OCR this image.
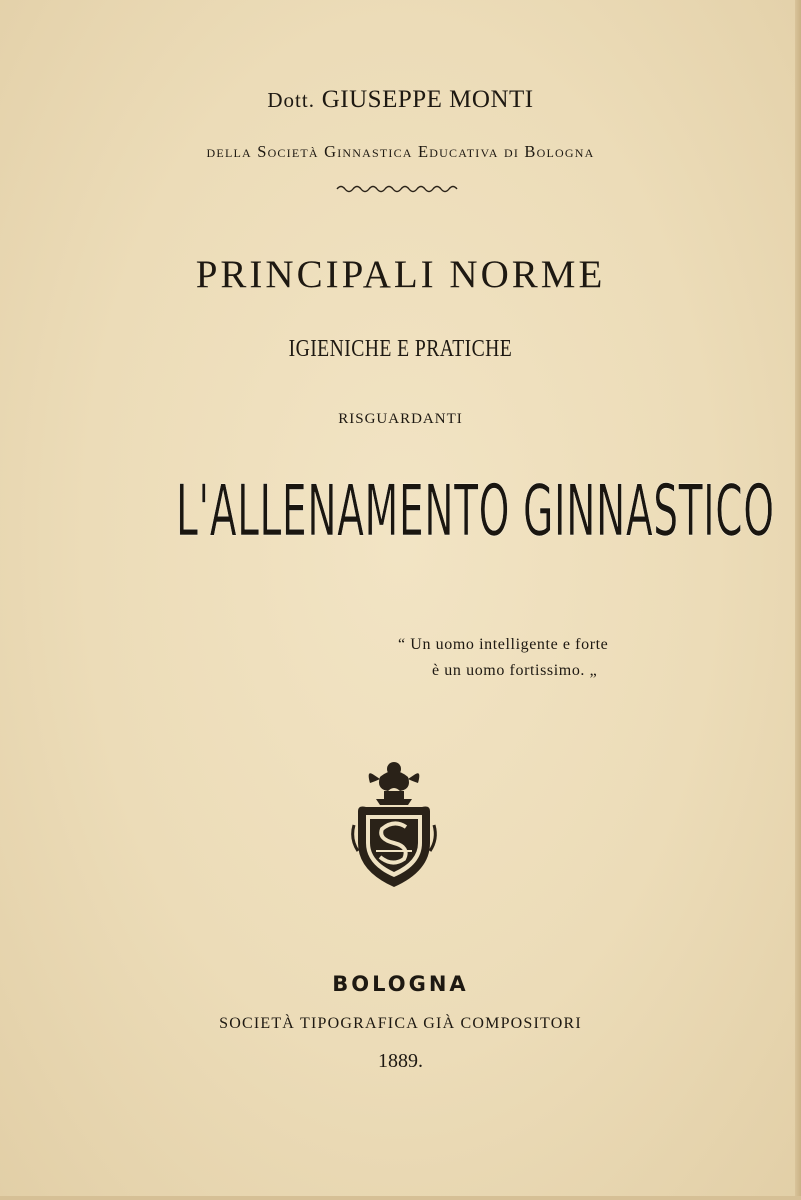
Dott. GIUSEPPE MONTI
della Società Ginnastica Educativa di Bologna
PRINCIPALI NORME
IGIENICHE E PRATICHE
RISGUARDANTI
L'ALLENAMENTO GINNASTICO
“ Un uomo intelligente e forte
è un uomo fortissimo. „
BOLOGNA
SOCIETÀ TIPOGRAFICA GIÀ COMPOSITORI
1889.
